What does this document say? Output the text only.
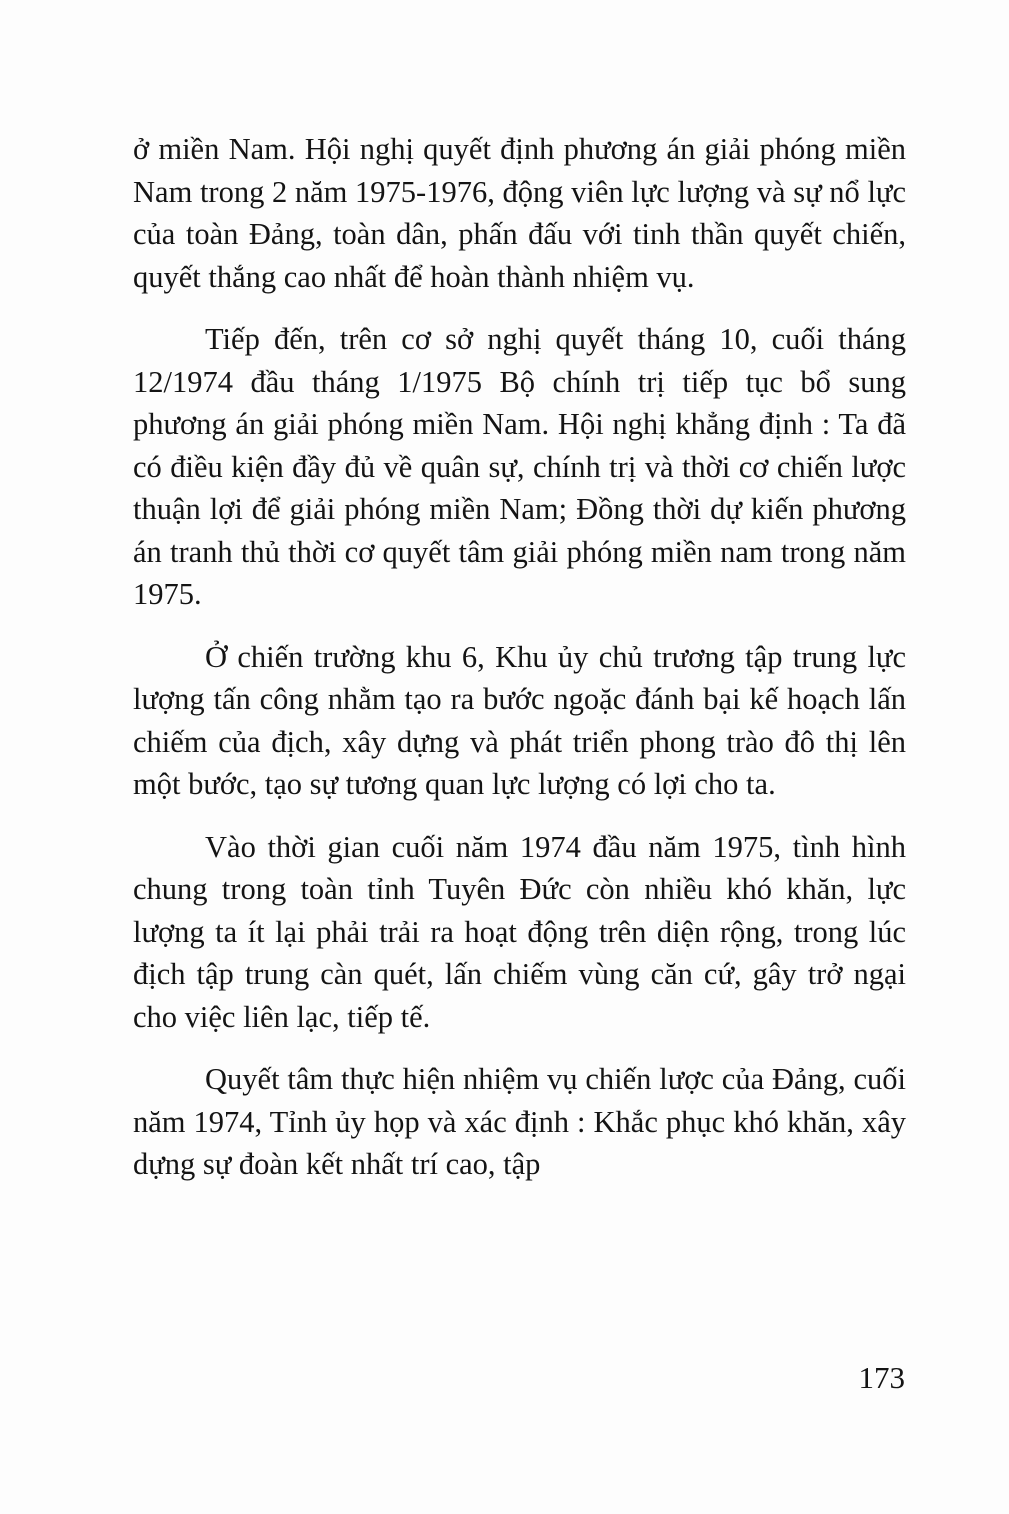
ở miền Nam. Hội nghị quyết định phương án giải phóng miền Nam trong 2 năm 1975-1976, động viên lực lượng và sự nổ lực của toàn Đảng, toàn dân, phấn đấu với tinh thần quyết chiến, quyết thắng cao nhất để hoàn thành nhiệm vụ.

Tiếp đến, trên cơ sở nghị quyết tháng 10, cuối tháng 12/1974 đầu tháng 1/1975 Bộ chính trị tiếp tục bổ sung phương án giải phóng miền Nam. Hội nghị khẳng định : Ta đã có điều kiện đầy đủ về quân sự, chính trị và thời cơ chiến lược thuận lợi để giải phóng miền Nam; Đồng thời dự kiến phương án tranh thủ thời cơ quyết tâm giải phóng miền nam trong năm 1975.

Ở chiến trường khu 6, Khu ủy chủ trương tập trung lực lượng tấn công nhằm tạo ra bước ngoặc đánh bại kế hoạch lấn chiếm của địch, xây dựng và phát triển phong trào đô thị lên một bước, tạo sự tương quan lực lượng có lợi cho ta.

Vào thời gian cuối năm 1974 đầu năm 1975, tình hình chung trong toàn tỉnh Tuyên Đức còn nhiều khó khăn, lực lượng ta ít lại phải trải ra hoạt động trên diện rộng, trong lúc địch tập trung càn quét, lấn chiếm vùng căn cứ, gây trở ngại cho việc liên lạc, tiếp tế.

Quyết tâm thực hiện nhiệm vụ chiến lược của Đảng, cuối năm 1974, Tỉnh ủy họp và xác định : Khắc phục khó khăn, xây dựng sự đoàn kết nhất trí cao, tập

173
